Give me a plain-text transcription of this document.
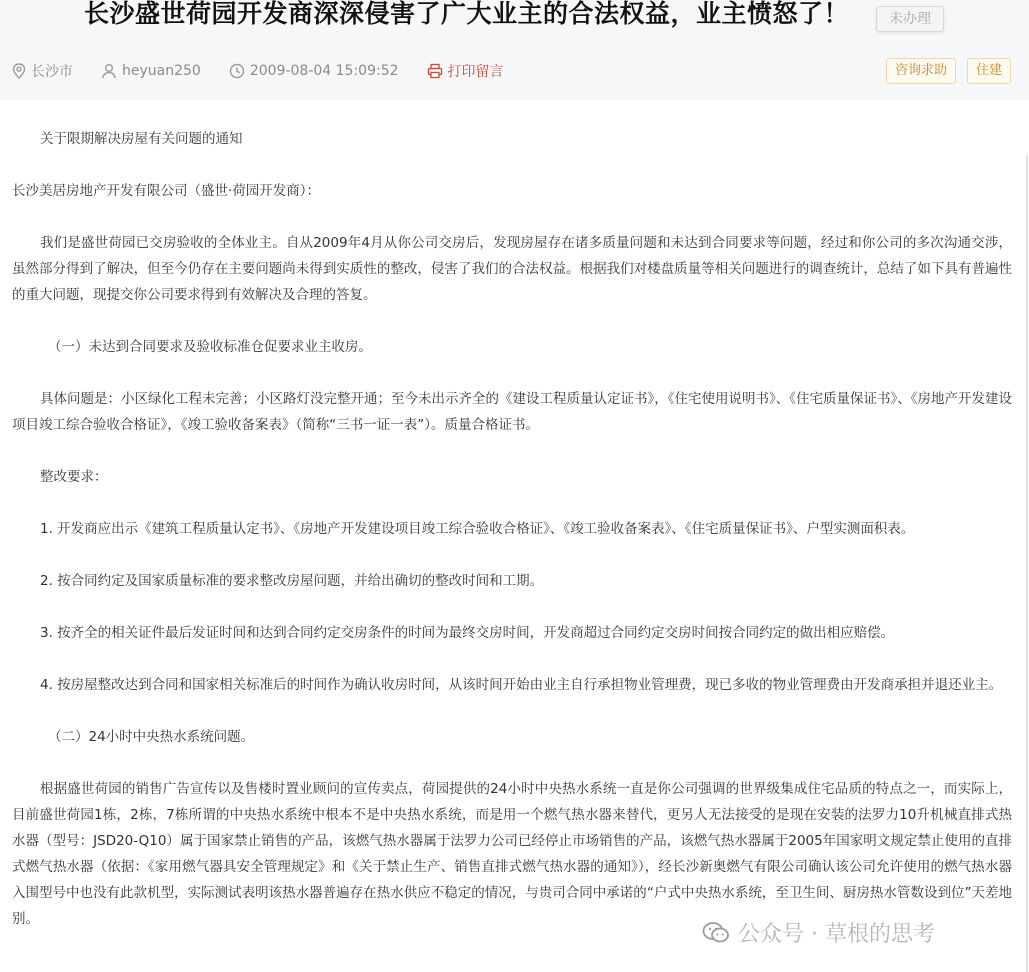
长沙盛世荷园开发商深深侵害了广大业主的合法权益，业主愤怒了！	未办理
长沙市	heyuan250	2009-08-04 15:09:52	打印留言	咨询求助	住建

关于限期解决房屋有关问题的通知

长沙美居房地产开发有限公司（盛世·荷园开发商）：

我们是盛世荷园已交房验收的全体业主。自从2009年4月从你公司交房后，发现房屋存在诸多质量问题和未达到合同要求等问题，经过和你公司的多次沟通交涉，虽然部分得到了解决，但至今仍存在主要问题尚未得到实质性的整改，侵害了我们的合法权益。根据我们对楼盘质量等相关问题进行的调查统计，总结了如下具有普遍性的重大问题，现提交你公司要求得到有效解决及合理的答复。

（一）未达到合同要求及验收标准仓促要求业主收房。

具体问题是：小区绿化工程未完善；小区路灯没完整开通；至今未出示齐全的《建设工程质量认定证书》，《住宅使用说明书》、《住宅质量保证书》、《房地产开发建设项目竣工综合验收合格证》，《竣工验收备案表》（简称“三书一证一表”）。质量合格证书。

整改要求：

1. 开发商应出示《建筑工程质量认定书》、《房地产开发建设项目竣工综合验收合格证》、《竣工验收备案表》、《住宅质量保证书》、户型实测面积表。

2. 按合同约定及国家质量标准的要求整改房屋问题，并给出确切的整改时间和工期。

3. 按齐全的相关证件最后发证时间和达到合同约定交房条件的时间为最终交房时间，开发商超过合同约定交房时间按合同约定的做出相应赔偿。

4. 按房屋整改达到合同和国家相关标准后的时间作为确认收房时间，从该时间开始由业主自行承担物业管理费，现已多收的物业管理费由开发商承担并退还业主。

（二）24小时中央热水系统问题。

根据盛世荷园的销售广告宣传以及售楼时置业顾问的宣传卖点，荷园提供的24小时中央热水系统一直是你公司强调的世界级集成住宅品质的特点之一，而实际上，目前盛世荷园1栋，2栋，7栋所谓的中央热水系统中根本不是中央热水系统，而是用一个燃气热水器来替代，更另人无法接受的是现在安装的法罗力10升机械直排式热水器（型号：JSD20-Q10）属于国家禁止销售的产品，该燃气热水器属于法罗力公司已经停止市场销售的产品，该燃气热水器属于2005年国家明文规定禁止使用的直排式燃气热水器（依据：《家用燃气器具安全管理规定》和《关于禁止生产、销售直排式燃气热水器的通知》），经长沙新奥燃气有限公司确认该公司允许使用的燃气热水器入围型号中也没有此款机型，实际测试表明该热水器普遍存在热水供应不稳定的情况，与贵司合同中承诺的“户式中央热水系统，至卫生间、厨房热水管数设到位”天差地别。

公众号 · 草根的思考
